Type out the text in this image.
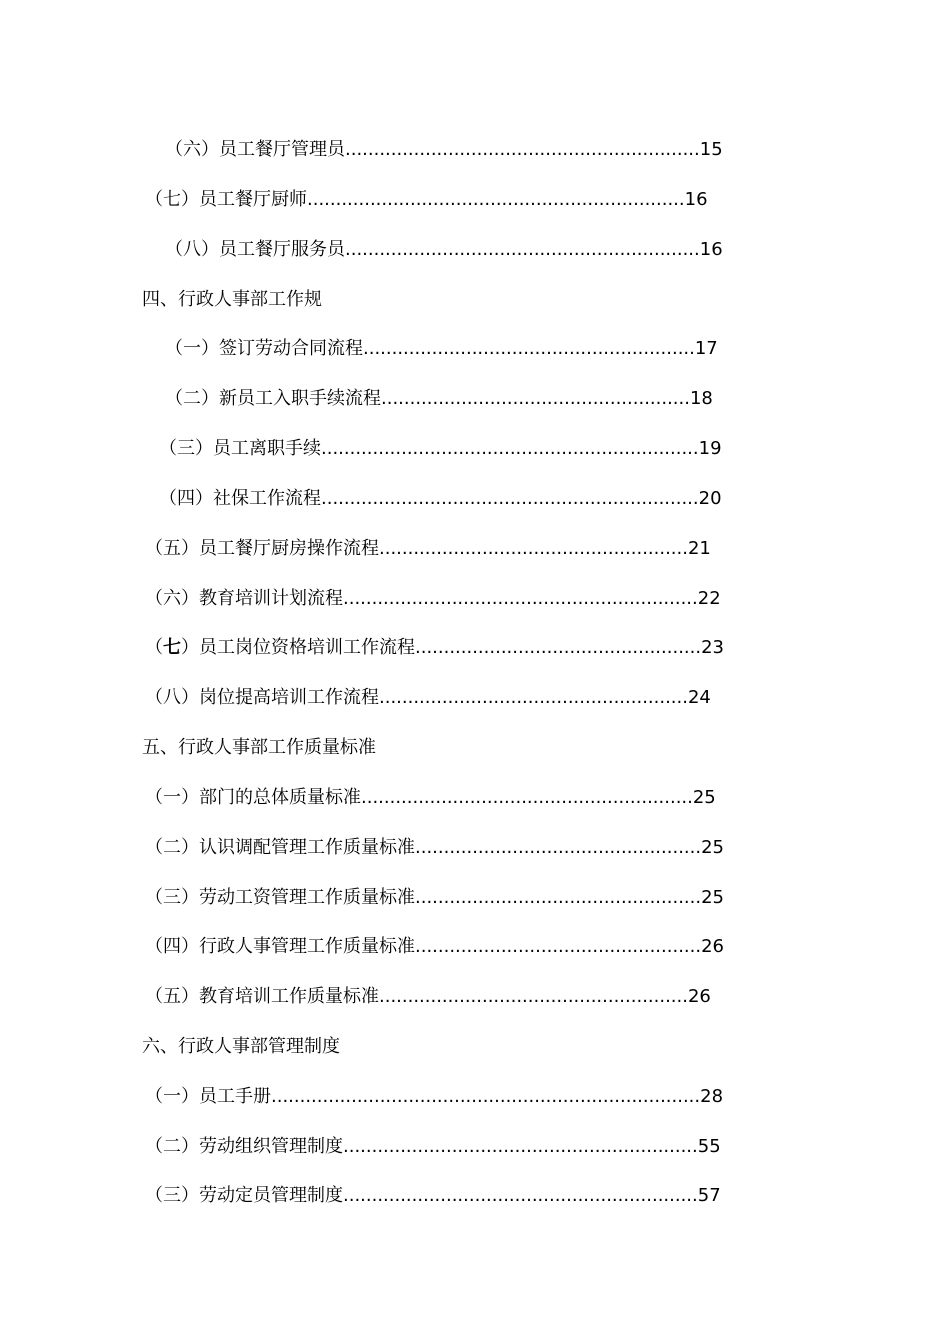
（六）员工餐厅管理员..............................................................15
（七）员工餐厅厨师..................................................................16
（八）员工餐厅服务员..............................................................16
四、行政人事部工作规
（一）签订劳动合同流程..........................................................17
（二）新员工入职手续流程......................................................18
（三）员工离职手续..................................................................19
（四）社保工作流程..................................................................20
（五）员工餐厅厨房操作流程......................................................21
（六）教育培训计划流程..............................................................22
（七）员工岗位资格培训工作流程..................................................23
（八）岗位提高培训工作流程......................................................24
五、行政人事部工作质量标准
（一）部门的总体质量标准..........................................................25
（二）认识调配管理工作质量标准..................................................25
（三）劳动工资管理工作质量标准..................................................25
（四）行政人事管理工作质量标准..................................................26
（五）教育培训工作质量标准......................................................26
六、行政人事部管理制度
（一）员工手册...........................................................................28
（二）劳动组织管理制度..............................................................55
（三）劳动定员管理制度..............................................................57
